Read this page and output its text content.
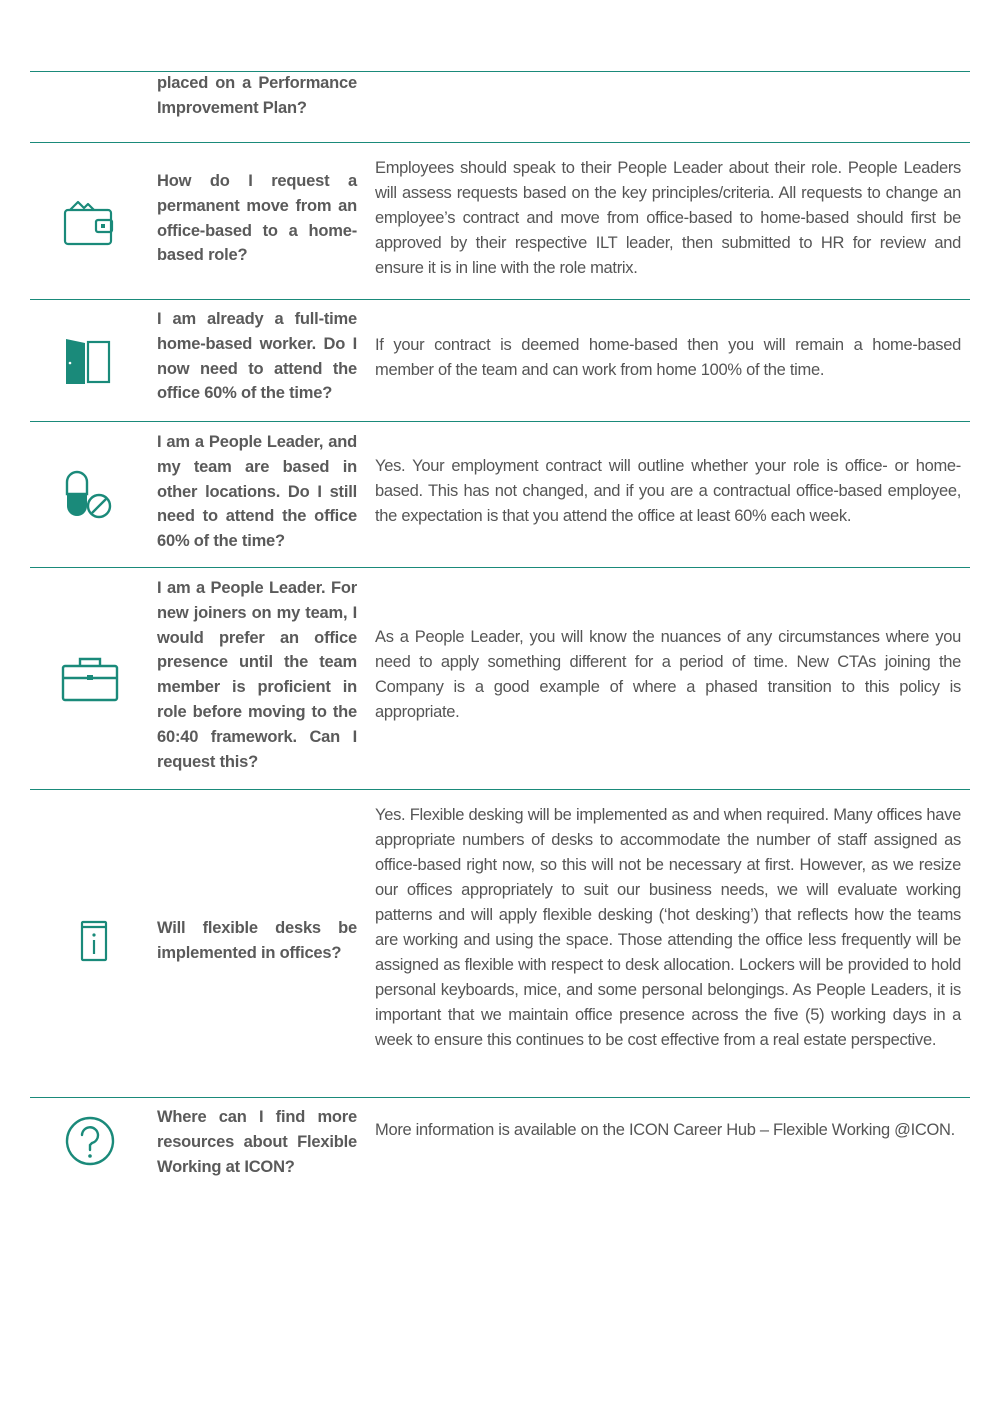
placed on a Performance Improvement Plan?
How do I request a permanent move from an office-based to a home-based role?
Employees should speak to their People Leader about their role. People Leaders will assess requests based on the key principles/criteria. All requests to change an employee’s contract and move from office-based to home-based should first be approved by their respective ILT leader, then submitted to HR for review and ensure it is in line with the role matrix.
I am already a full-time home-based worker. Do I now need to attend the office 60% of the time?
If your contract is deemed home-based then you will remain a home-based member of the team and can work from home 100% of the time.
I am a People Leader, and my team are based in other locations. Do I still need to attend the office 60% of the time?
Yes. Your employment contract will outline whether your role is office- or home-based. This has not changed, and if you are a contractual office-based employee, the expectation is that you attend the office at least 60% each week.
I am a People Leader. For new joiners on my team, I would prefer an office presence until the team member is proficient in role before moving to the 60:40 framework. Can I request this?
As a People Leader, you will know the nuances of any circumstances where you need to apply something different for a period of time. New CTAs joining the Company is a good example of where a phased transition to this policy is appropriate.
Will flexible desks be implemented in offices?
Yes. Flexible desking will be implemented as and when required. Many offices have appropriate numbers of desks to accommodate the number of staff assigned as office-based right now, so this will not be necessary at first. However, as we resize our offices appropriately to suit our business needs, we will evaluate working patterns and will apply flexible desking (‘hot desking’) that reflects how the teams are working and using the space. Those attending the office less frequently will be assigned as flexible with respect to desk allocation. Lockers will be provided to hold personal keyboards, mice, and some personal belongings. As People Leaders, it is important that we maintain office presence across the five (5) working days in a week to ensure this continues to be cost effective from a real estate perspective.
Where can I find more resources about Flexible Working at ICON?
More information is available on the ICON Career Hub – Flexible Working @ICON.
